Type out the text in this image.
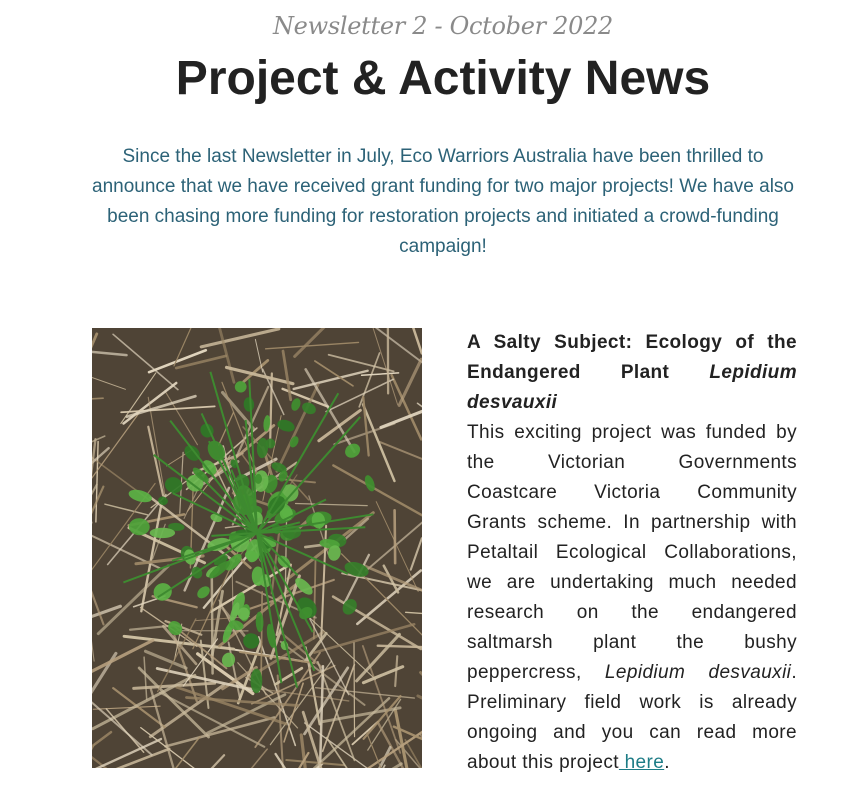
Newsletter 2 - October 2022
Project & Activity News

Since the last Newsletter in July, Eco Warriors Australia have been thrilled to announce that we have received grant funding for two major projects! We have also been chasing more funding for restoration projects and initiated a crowd-funding campaign!

A Salty Subject: Ecology of the Endangered Plant Lepidium desvauxii
This exciting project was funded by the Victorian Governments Coastcare Victoria Community Grants scheme. In partnership with Petaltail Ecological Collaborations, we are undertaking much needed research on the endangered saltmarsh plant the bushy peppercress, Lepidium desvauxii. Preliminary field work is already ongoing and you can read more about this project here.
